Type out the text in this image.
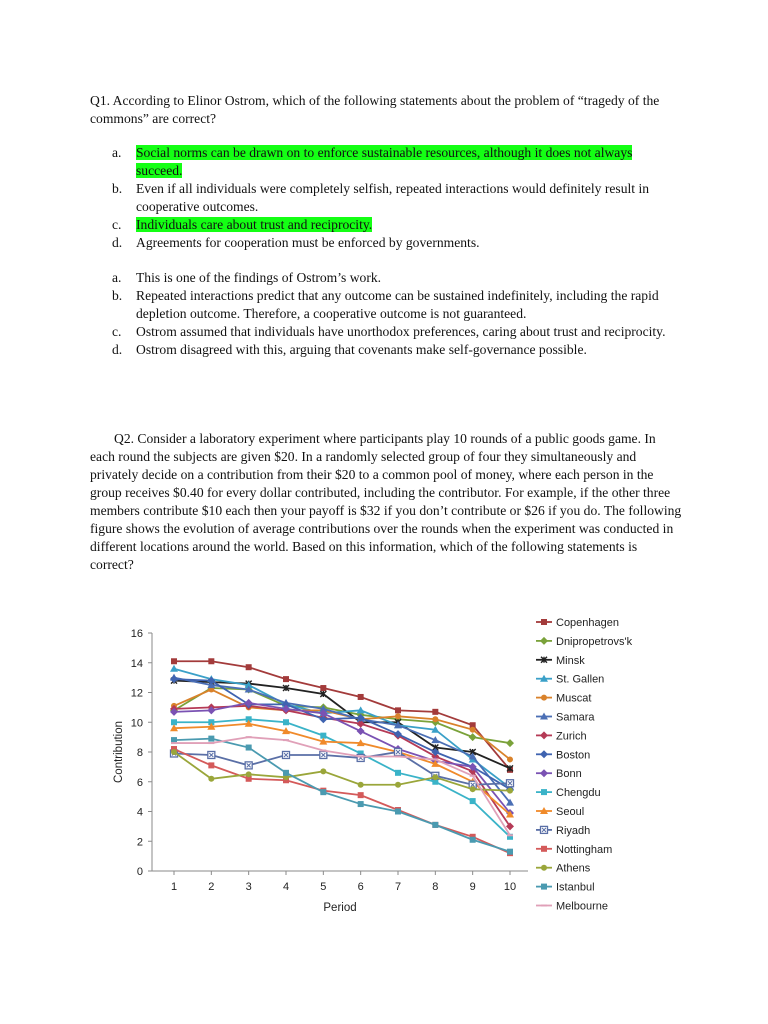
Q1. According to Elinor Ostrom, which of the following statements about the problem of “tragedy of the commons” are correct?

a. Social norms can be drawn on to enforce sustainable resources, although it does not always succeed.
b. Even if all individuals were completely selfish, repeated interactions would definitely result in cooperative outcomes.
c. Individuals care about trust and reciprocity.
d. Agreements for cooperation must be enforced by governments.
a. This is one of the findings of Ostrom’s work.
b. Repeated interactions predict that any outcome can be sustained indefinitely, including the rapid depletion outcome. Therefore, a cooperative outcome is not guaranteed.
c. Ostrom assumed that individuals have unorthodox preferences, caring about trust and reciprocity.
d. Ostrom disagreed with this, arguing that covenants make self-governance possible.

Q2. Consider a laboratory experiment where participants play 10 rounds of a public goods game. In each round the subjects are given $20. In a randomly selected group of four they simultaneously and privately decide on a contribution from their $20 to a common pool of money, where each person in the group receives $0.40 for every dollar contributed, including the contributor. For example, if the other three members contribute $10 each then your payoff is $32 if you don’t contribute or $26 if you do. The following figure shows the evolution of average contributions over the rounds when the experiment was conducted in different locations around the world. Based on this information, which of the following statements is correct?

0
2
4
6
8
10
12
14
16
1	2	3	4	5	6	7	8	9	10
Period
Contribution
Copenhagen
Dnipropetrovs'k
Minsk
St. Gallen
Muscat
Samara
Zurich
Boston
Bonn
Chengdu
Seoul
Riyadh
Nottingham
Athens
Istanbul
Melbourne
